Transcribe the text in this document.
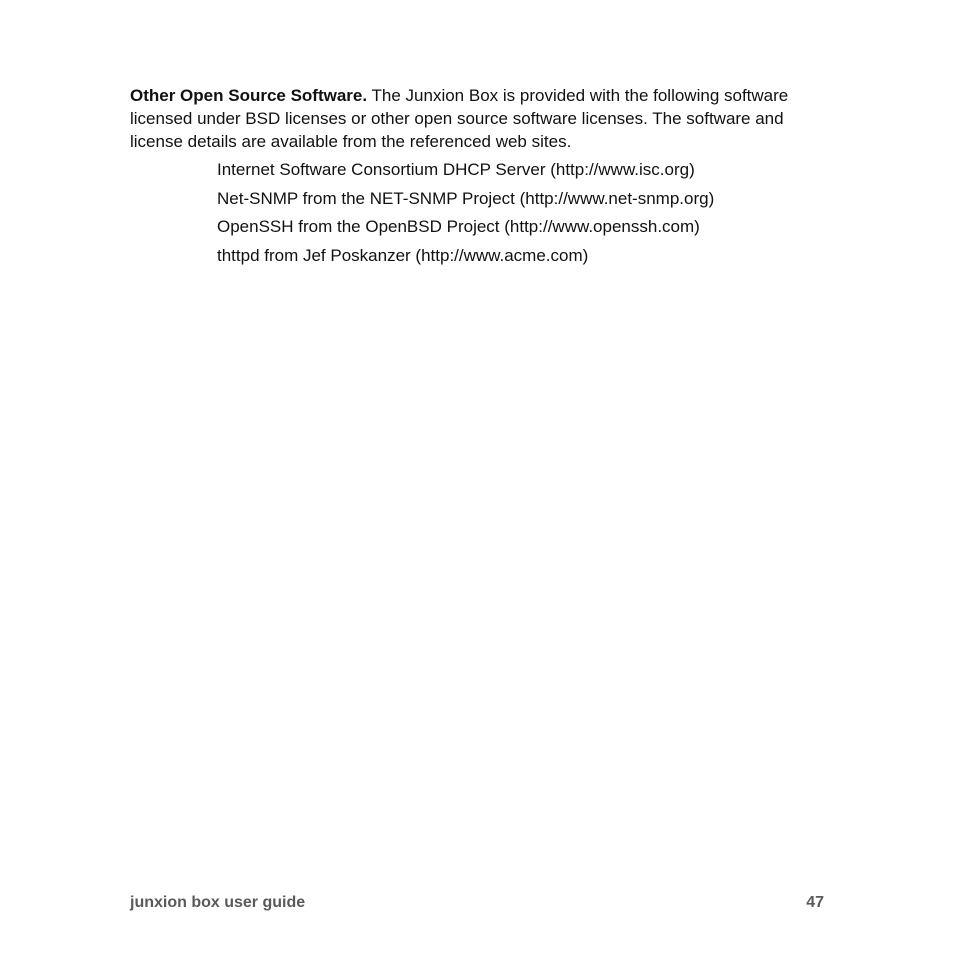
Other Open Source Software. The Junxion Box is provided with the following software licensed under BSD licenses or other open source software licenses. The software and license details are available from the referenced web sites.

Internet Software Consortium DHCP Server (http://www.isc.org)
Net-SNMP from the NET-SNMP Project (http://www.net-snmp.org)
OpenSSH from the OpenBSD Project (http://www.openssh.com)
thttpd from Jef Poskanzer (http://www.acme.com)
junxion box user guide	47
